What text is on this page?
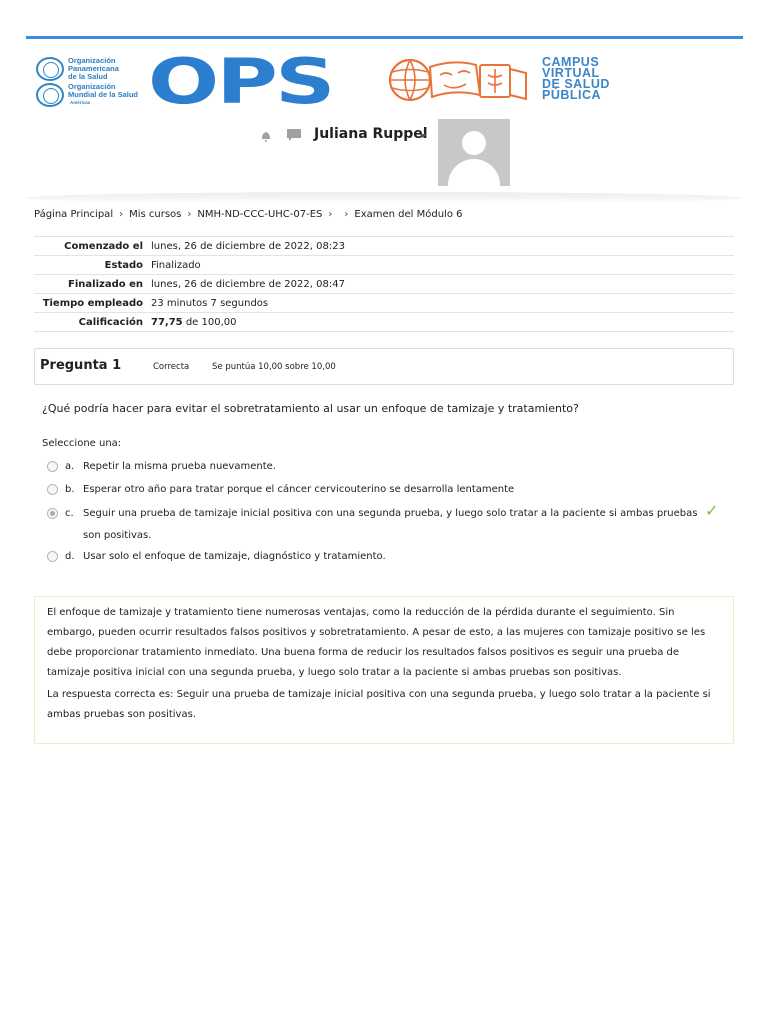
Organización
Panamericana
de la Salud
Organización
Mundial de la Salud
Américas OPS	CAMPUS
VIRTUAL
DE SALUD
PÚBLICA
Juliana Ruppel
Página Principal › Mis cursos › NMH-ND-CCC-UHC-07-ES › › Examen del Módulo 6
Comenzado el	lunes, 26 de diciembre de 2022, 08:23
Estado	Finalizado
Finalizado en	lunes, 26 de diciembre de 2022, 08:47
Tiempo empleado	23 minutos 7 segundos
Calificación	77,75 de 100,00
Pregunta 1	Correcta	Se puntúa 10,00 sobre 10,00
¿Qué podría hacer para evitar el sobretratamiento al usar un enfoque de tamizaje y tratamiento?
Seleccione una:
a. Repetir la misma prueba nuevamente.
b. Esperar otro año para tratar porque el cáncer cervicouterino se desarrolla lentamente
c. Seguir una prueba de tamizaje inicial positiva con una segunda prueba, y luego solo tratar a la paciente si ambas pruebas son positivas.
✓
d. Usar solo el enfoque de tamizaje, diagnóstico y tratamiento.

El enfoque de tamizaje y tratamiento tiene numerosas ventajas, como la reducción de la pérdida durante el seguimiento. Sin embargo, pueden ocurrir resultados falsos positivos y sobretratamiento. A pesar de esto, a las mujeres con tamizaje positivo se les debe proporcionar tratamiento inmediato. Una buena forma de reducir los resultados falsos positivos es seguir una prueba de tamizaje positiva inicial con una segunda prueba, y luego solo tratar a la paciente si ambas pruebas son positivas.

La respuesta correcta es: Seguir una prueba de tamizaje inicial positiva con una segunda prueba, y luego solo tratar a la paciente si ambas pruebas son positivas.
